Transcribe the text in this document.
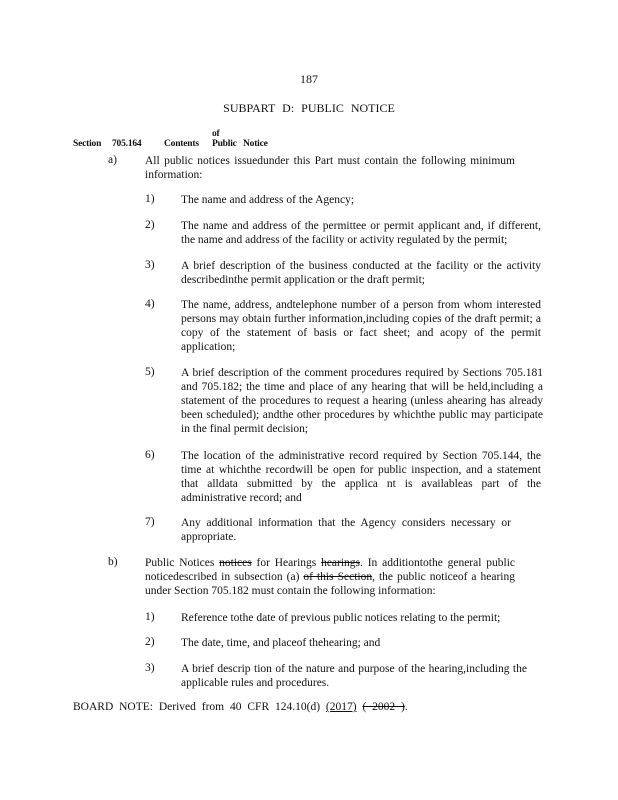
187
SUBPART D: PUBLIC NOTICE
Section 705.164 Contentsof Public Notice
a) All public notices issuedunder this Part must contain the following minimum information:
1) The name and address of the Agency;
2) The name and address of the permittee or permit applicant and, if different, the name and address of the facility or activity regulated by the permit;
3) A brief description of the business conducted at the facility or the activity describedinthe permit application or the draft permit;
4) The name, address, andtelephone number of a person from whom interested persons may obtain further information,including copies of the draft permit; a copy of the statement of basis or fact sheet; and acopy of the permit application;
5) A brief description of the comment procedures required by Sections 705.181 and 705.182; the time and place of any hearing that will be held,including a statement of the procedures to request a hearing (unless ahearing has already been scheduled); andthe other procedures by whichthe public may participate in the final permit decision;
6) The location of the administrative record required by Section 705.144, the time at whichthe recordwill be open for public inspection, and a statement that alldata submitted by the applica nt is availableas part of the administrative record; and
7) Any additional information that the Agency considers necessary or appropriate.
b) Public Notices notices for Hearings hearings. In additiontothe general public noticedescribed in subsection (a) of this Section, the public noticeof a hearing under Section 705.182 must contain the following information:
1) Reference tothe date of previous public notices relating to the permit;
2) The date, time, and placeof thehearing; and
3) A brief descrip tion of the nature and purpose of the hearing,including the applicable rules and procedures.
BOARD NOTE: Derived from 40 CFR 124.10(d) (2017) ( 2002 ).
